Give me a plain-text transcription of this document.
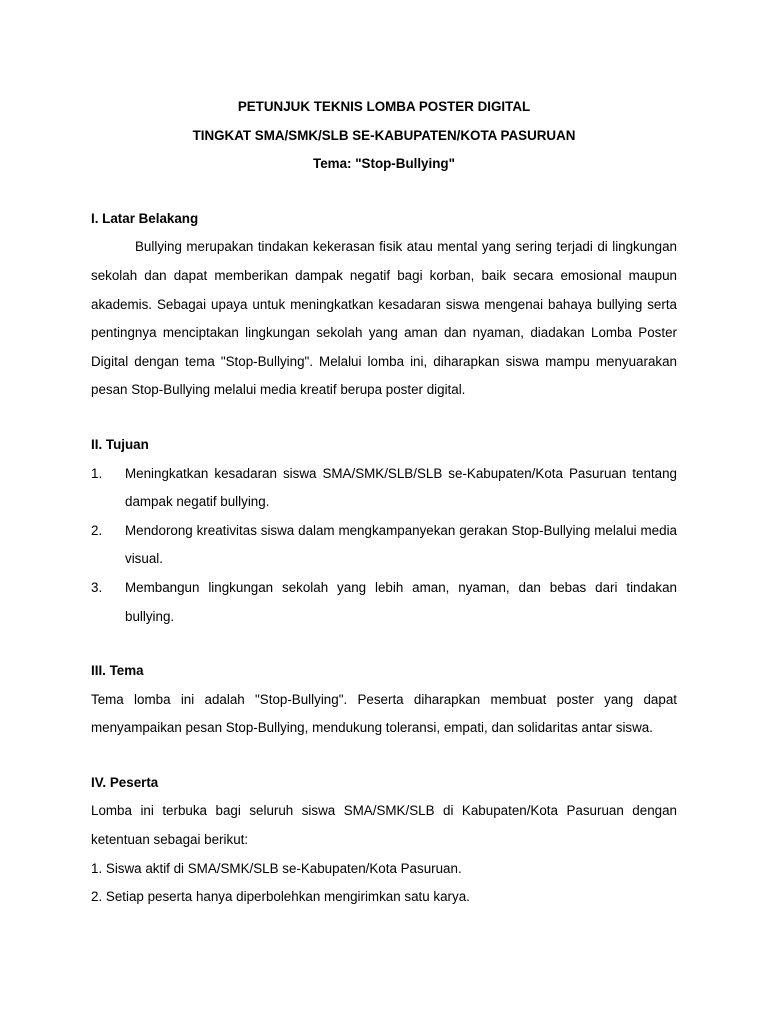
PETUNJUK TEKNIS LOMBA POSTER DIGITAL
TINGKAT SMA/SMK/SLB SE-KABUPATEN/KOTA PASURUAN
Tema: "Stop-Bullying"
I. Latar Belakang

Bullying merupakan tindakan kekerasan fisik atau mental yang sering terjadi di lingkungan sekolah dan dapat memberikan dampak negatif bagi korban, baik secara emosional maupun akademis. Sebagai upaya untuk meningkatkan kesadaran siswa mengenai bahaya bullying serta pentingnya menciptakan lingkungan sekolah yang aman dan nyaman, diadakan Lomba Poster Digital dengan tema "Stop-Bullying". Melalui lomba ini, diharapkan siswa mampu menyuarakan pesan Stop-Bullying melalui media kreatif berupa poster digital.

II. Tujuan
1.	Meningkatkan kesadaran siswa SMA/SMK/SLB/SLB se-Kabupaten/Kota Pasuruan tentang dampak negatif bullying.
2.	Mendorong kreativitas siswa dalam mengkampanyekan gerakan Stop-Bullying melalui media visual.
3.	Membangun lingkungan sekolah yang lebih aman, nyaman, dan bebas dari tindakan bullying.
III. Tema

Tema lomba ini adalah "Stop-Bullying". Peserta diharapkan membuat poster yang dapat menyampaikan pesan Stop-Bullying, mendukung toleransi, empati, dan solidaritas antar siswa.

IV. Peserta

Lomba ini terbuka bagi seluruh siswa SMA/SMK/SLB di Kabupaten/Kota Pasuruan dengan ketentuan sebagai berikut:

1. Siswa aktif di SMA/SMK/SLB se-Kabupaten/Kota Pasuruan.
2. Setiap peserta hanya diperbolehkan mengirimkan satu karya.
